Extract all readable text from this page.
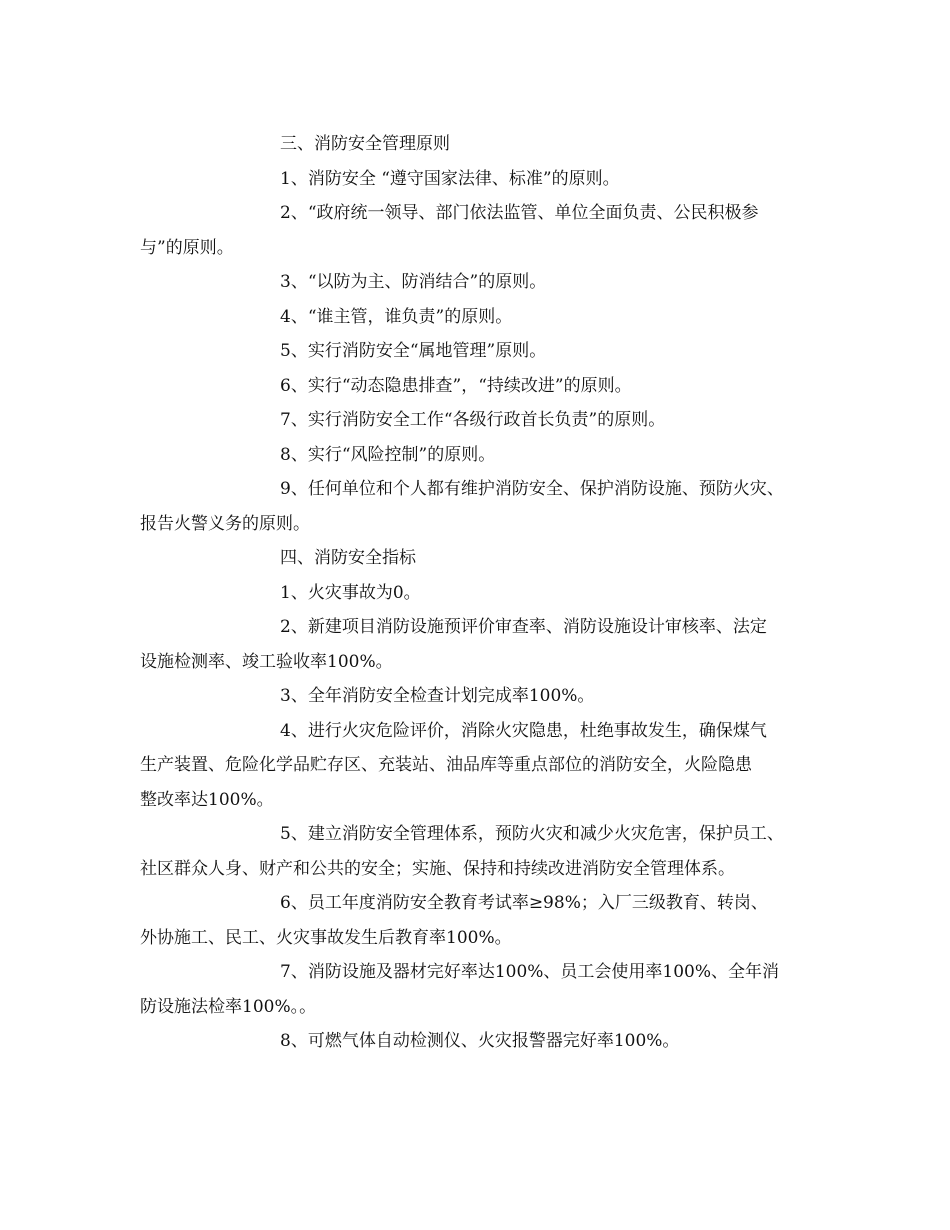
三、消防安全管理原则

1、消防安全 “遵守国家法律、标准”的原则。

2、“政府统一领导、部门依法监管、单位全面负责、公民积极参
与”的原则。

3、“以防为主、防消结合”的原则。

4、“谁主管，谁负责”的原则。

5、实行消防安全“属地管理”原则。

6、实行“动态隐患排查”，“持续改进”的原则。

7、实行消防安全工作“各级行政首长负责”的原则。

8、实行“风险控制”的原则。

9、任何单位和个人都有维护消防安全、保护消防设施、预防火灾、
报告火警义务的原则。

四、消防安全指标

1、火灾事故为0。

2、新建项目消防设施预评价审查率、消防设施设计审核率、法定
设施检测率、竣工验收率100%。

3、全年消防安全检查计划完成率100%。

4、进行火灾危险评价，消除火灾隐患，杜绝事故发生，确保煤气
生产装置、危险化学品贮存区、充装站、油品库等重点部位的消防安全，火险隐患
整改率达100%。

5、建立消防安全管理体系，预防火灾和减少火灾危害，保护员工、
社区群众人身、财产和公共的安全；实施、保持和持续改进消防安全管理体系。

6、员工年度消防安全教育考试率≥98%；入厂三级教育、转岗、
外协施工、民工、火灾事故发生后教育率100%。

7、消防设施及器材完好率达100%、员工会使用率100%、全年消
防设施法检率100%。。

8、可燃气体自动检测仪、火灾报警器完好率100%。
